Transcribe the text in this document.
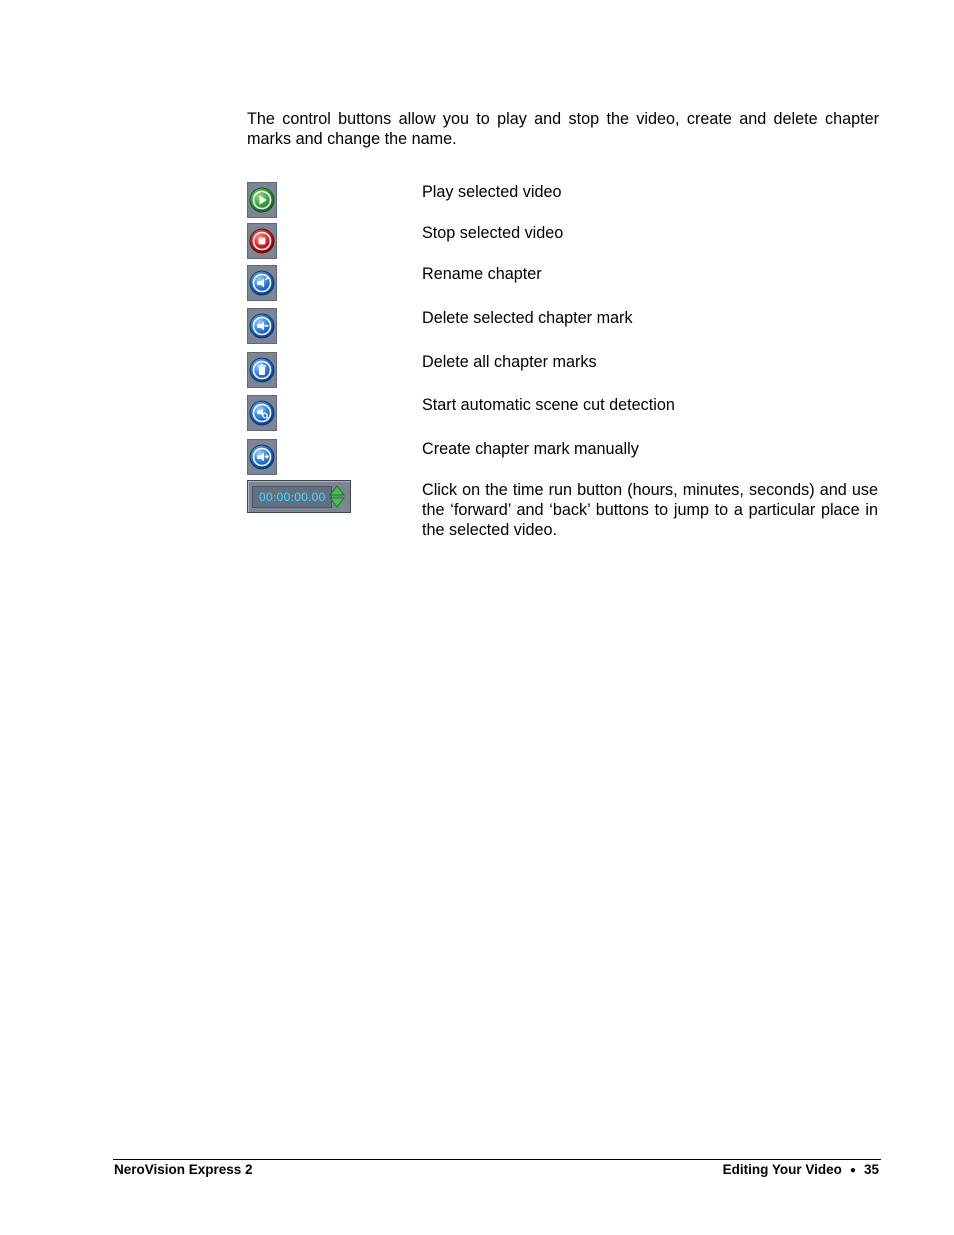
The control buttons allow you to play and stop the video, create and delete chapter marks and change the name.

Play selected video

Stop selected video

Rename chapter

Delete selected chapter mark

Delete all chapter marks

Start automatic scene cut detection

Create chapter mark manually

00:00:00.00	Click on the time run button (hours, minutes, seconds) and use the ‘forward’ and ‘back’ buttons to jump to a particular place in the selected video.

NeroVision Express 2	Editing Your Video ● 35
